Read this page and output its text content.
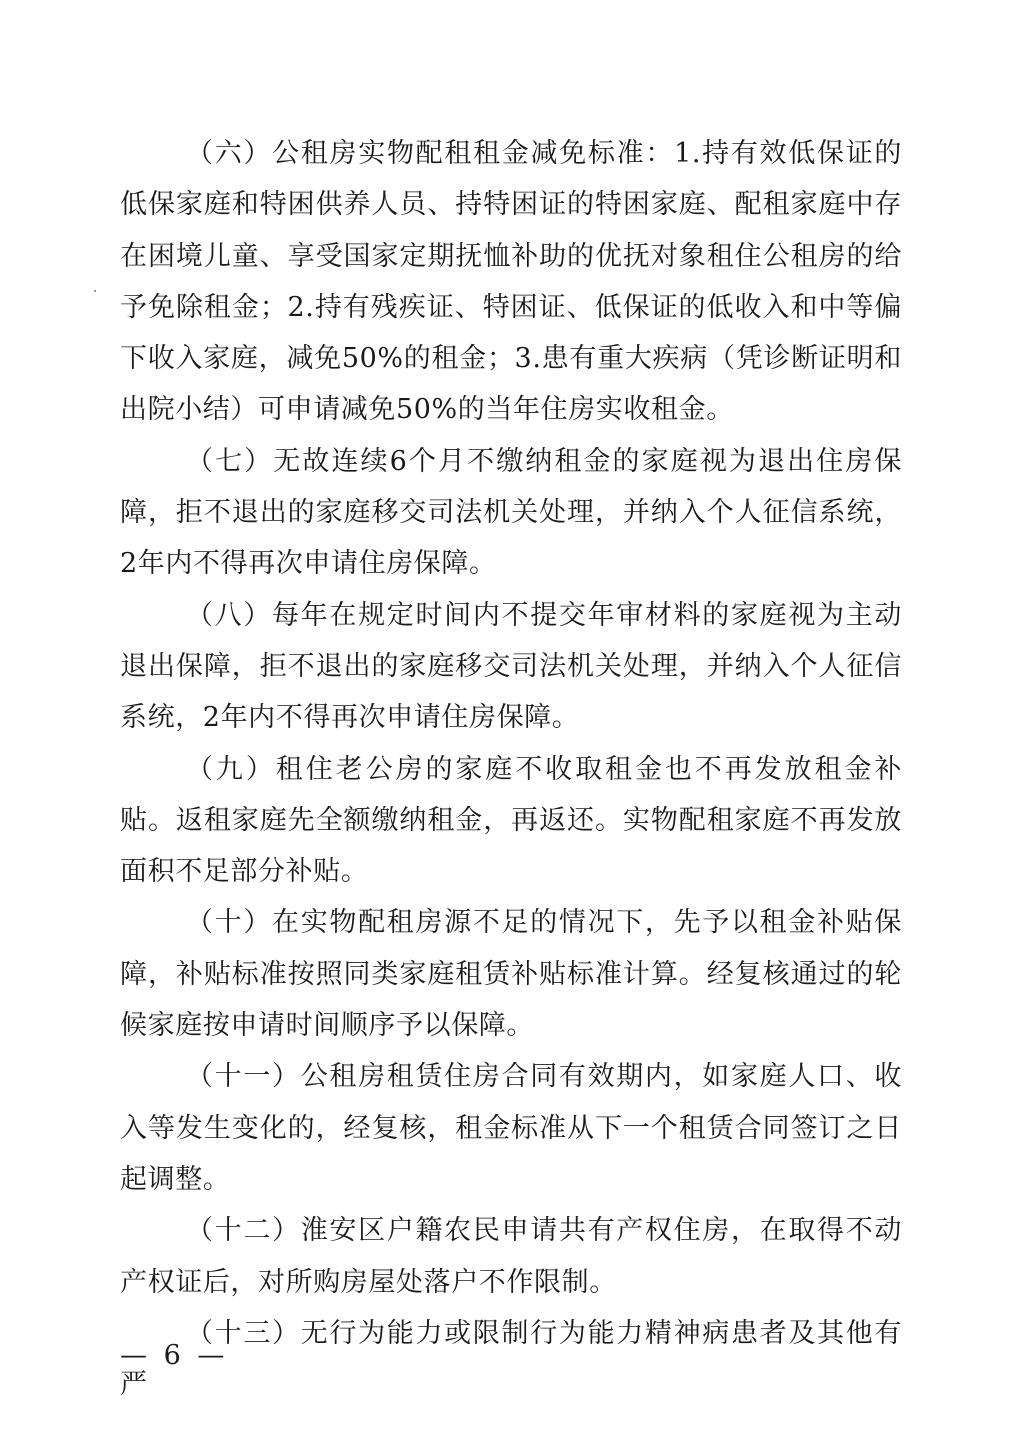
（六）公租房实物配租租金减免标准：1.持有效低保证的低保家庭和特困供养人员、持特困证的特困家庭、配租家庭中存在困境儿童、享受国家定期抚恤补助的优抚对象租住公租房的给予免除租金；2.持有残疾证、特困证、低保证的低收入和中等偏下收入家庭，减免50%的租金；3.患有重大疾病（凭诊断证明和出院小结）可申请减免50%的当年住房实收租金。

（七）无故连续6个月不缴纳租金的家庭视为退出住房保障，拒不退出的家庭移交司法机关处理，并纳入个人征信系统，2年内不得再次申请住房保障。

（八）每年在规定时间内不提交年审材料的家庭视为主动退出保障，拒不退出的家庭移交司法机关处理，并纳入个人征信系统，2年内不得再次申请住房保障。

（九）租住老公房的家庭不收取租金也不再发放租金补贴。返租家庭先全额缴纳租金，再返还。实物配租家庭不再发放面积不足部分补贴。

（十）在实物配租房源不足的情况下，先予以租金补贴保障，补贴标准按照同类家庭租赁补贴标准计算。经复核通过的轮候家庭按申请时间顺序予以保障。

（十一）公租房租赁住房合同有效期内，如家庭人口、收入等发生变化的，经复核，租金标准从下一个租赁合同签订之日起调整。

（十二）淮安区户籍农民申请共有产权住房，在取得不动产权证后，对所购房屋处落户不作限制。

（十三）无行为能力或限制行为能力精神病患者及其他有严

— 6 —
